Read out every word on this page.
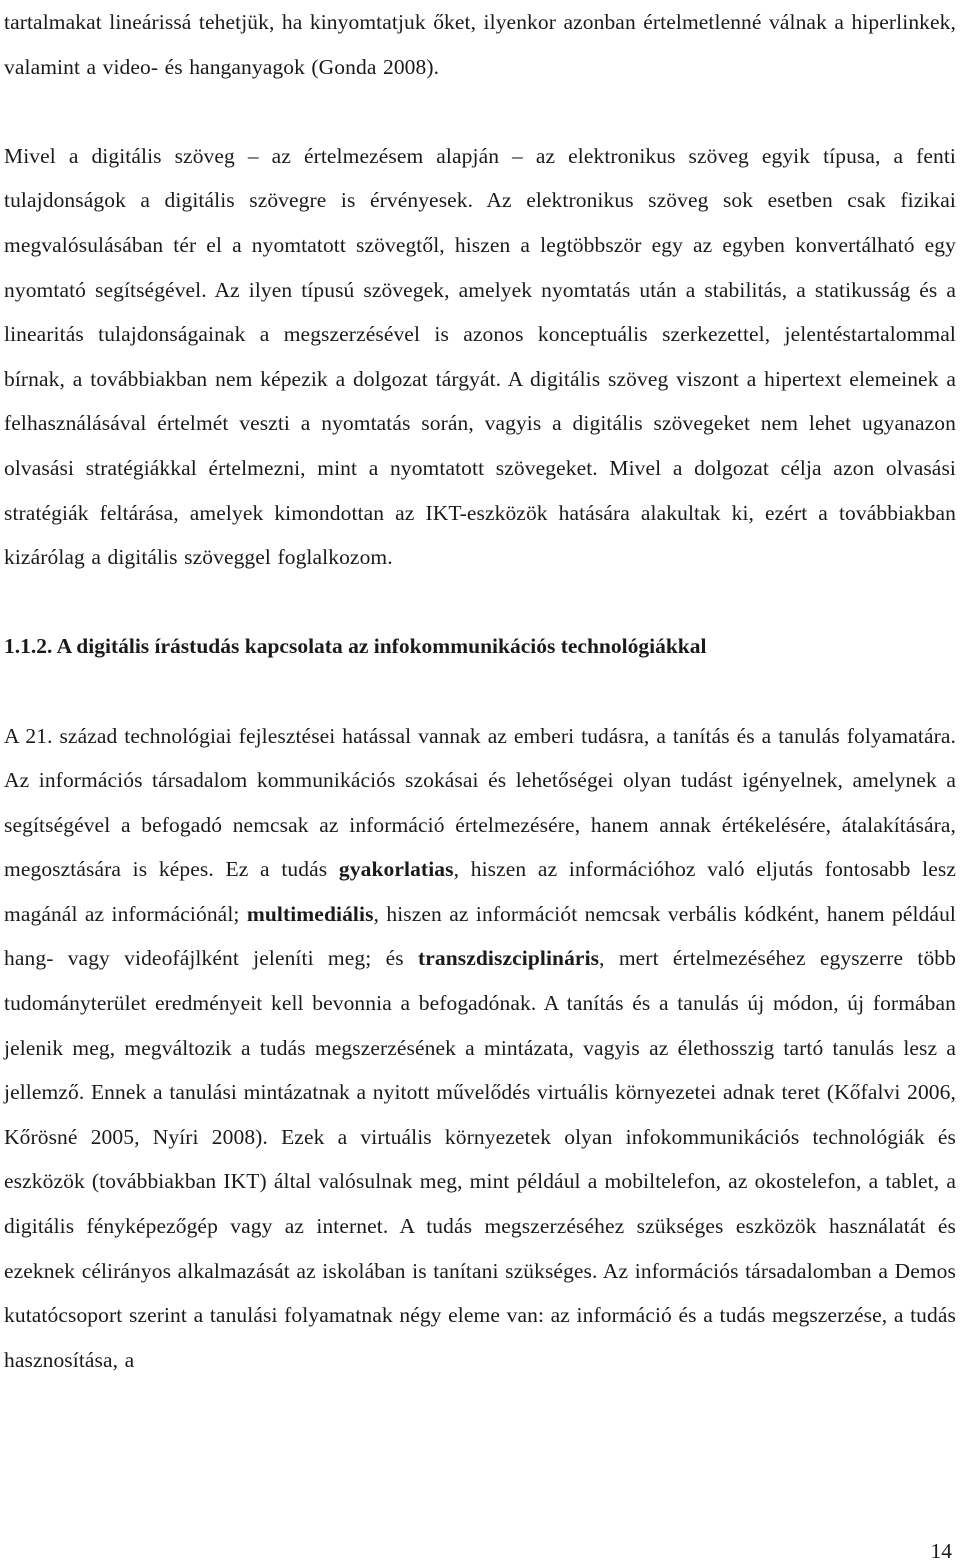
tartalmakat lineárissá tehetjük, ha kinyomtatjuk őket, ilyenkor azonban értelmetlenné válnak a hiperlinkek, valamint a video- és hanganyagok (Gonda 2008).

Mivel a digitális szöveg – az értelmezésem alapján – az elektronikus szöveg egyik típusa, a fenti tulajdonságok a digitális szövegre is érvényesek. Az elektronikus szöveg sok esetben csak fizikai megvalósulásában tér el a nyomtatott szövegtől, hiszen a legtöbbször egy az egyben konvertálható egy nyomtató segítségével. Az ilyen típusú szövegek, amelyek nyomtatás után a stabilitás, a statikusság és a linearitás tulajdonságainak a megszerzésével is azonos konceptuális szerkezettel, jelentéstartalommal bírnak, a továbbiakban nem képezik a dolgozat tárgyát. A digitális szöveg viszont a hipertext elemeinek a felhasználásával értelmét veszti a nyomtatás során, vagyis a digitális szövegeket nem lehet ugyanazon olvasási stratégiákkal értelmezni, mint a nyomtatott szövegeket. Mivel a dolgozat célja azon olvasási stratégiák feltárása, amelyek kimondottan az IKT-eszközök hatására alakultak ki, ezért a továbbiakban kizárólag a digitális szöveggel foglalkozom.

1.1.2. A digitális írástudás kapcsolata az infokommunikációs technológiákkal

A 21. század technológiai fejlesztései hatással vannak az emberi tudásra, a tanítás és a tanulás folyamatára. Az információs társadalom kommunikációs szokásai és lehetőségei olyan tudást igényelnek, amelynek a segítségével a befogadó nemcsak az információ értelmezésére, hanem annak értékelésére, átalakítására, megosztására is képes. Ez a tudás gyakorlatias, hiszen az információhoz való eljutás fontosabb lesz magánál az információnál; multimediális, hiszen az információt nemcsak verbális kódként, hanem például hang- vagy videofájlként jeleníti meg; és transzdiszciplináris, mert értelmezéséhez egyszerre több tudományterület eredményeit kell bevonnia a befogadónak. A tanítás és a tanulás új módon, új formában jelenik meg, megváltozik a tudás megszerzésének a mintázata, vagyis az élethosszig tartó tanulás lesz a jellemző. Ennek a tanulási mintázatnak a nyitott művelődés virtuális környezetei adnak teret (Kőfalvi 2006, Kőrösné 2005, Nyíri 2008). Ezek a virtuális környezetek olyan infokommunikációs technológiák és eszközök (továbbiakban IKT) által valósulnak meg, mint például a mobiltelefon, az okostelefon, a tablet, a digitális fényképezőgép vagy az internet. A tudás megszerzéséhez szükséges eszközök használatát és ezeknek célirányos alkalmazását az iskolában is tanítani szükséges. Az információs társadalomban a Demos kutatócsoport szerint a tanulási folyamatnak négy eleme van: az információ és a tudás megszerzése, a tudás hasznosítása, a

14
